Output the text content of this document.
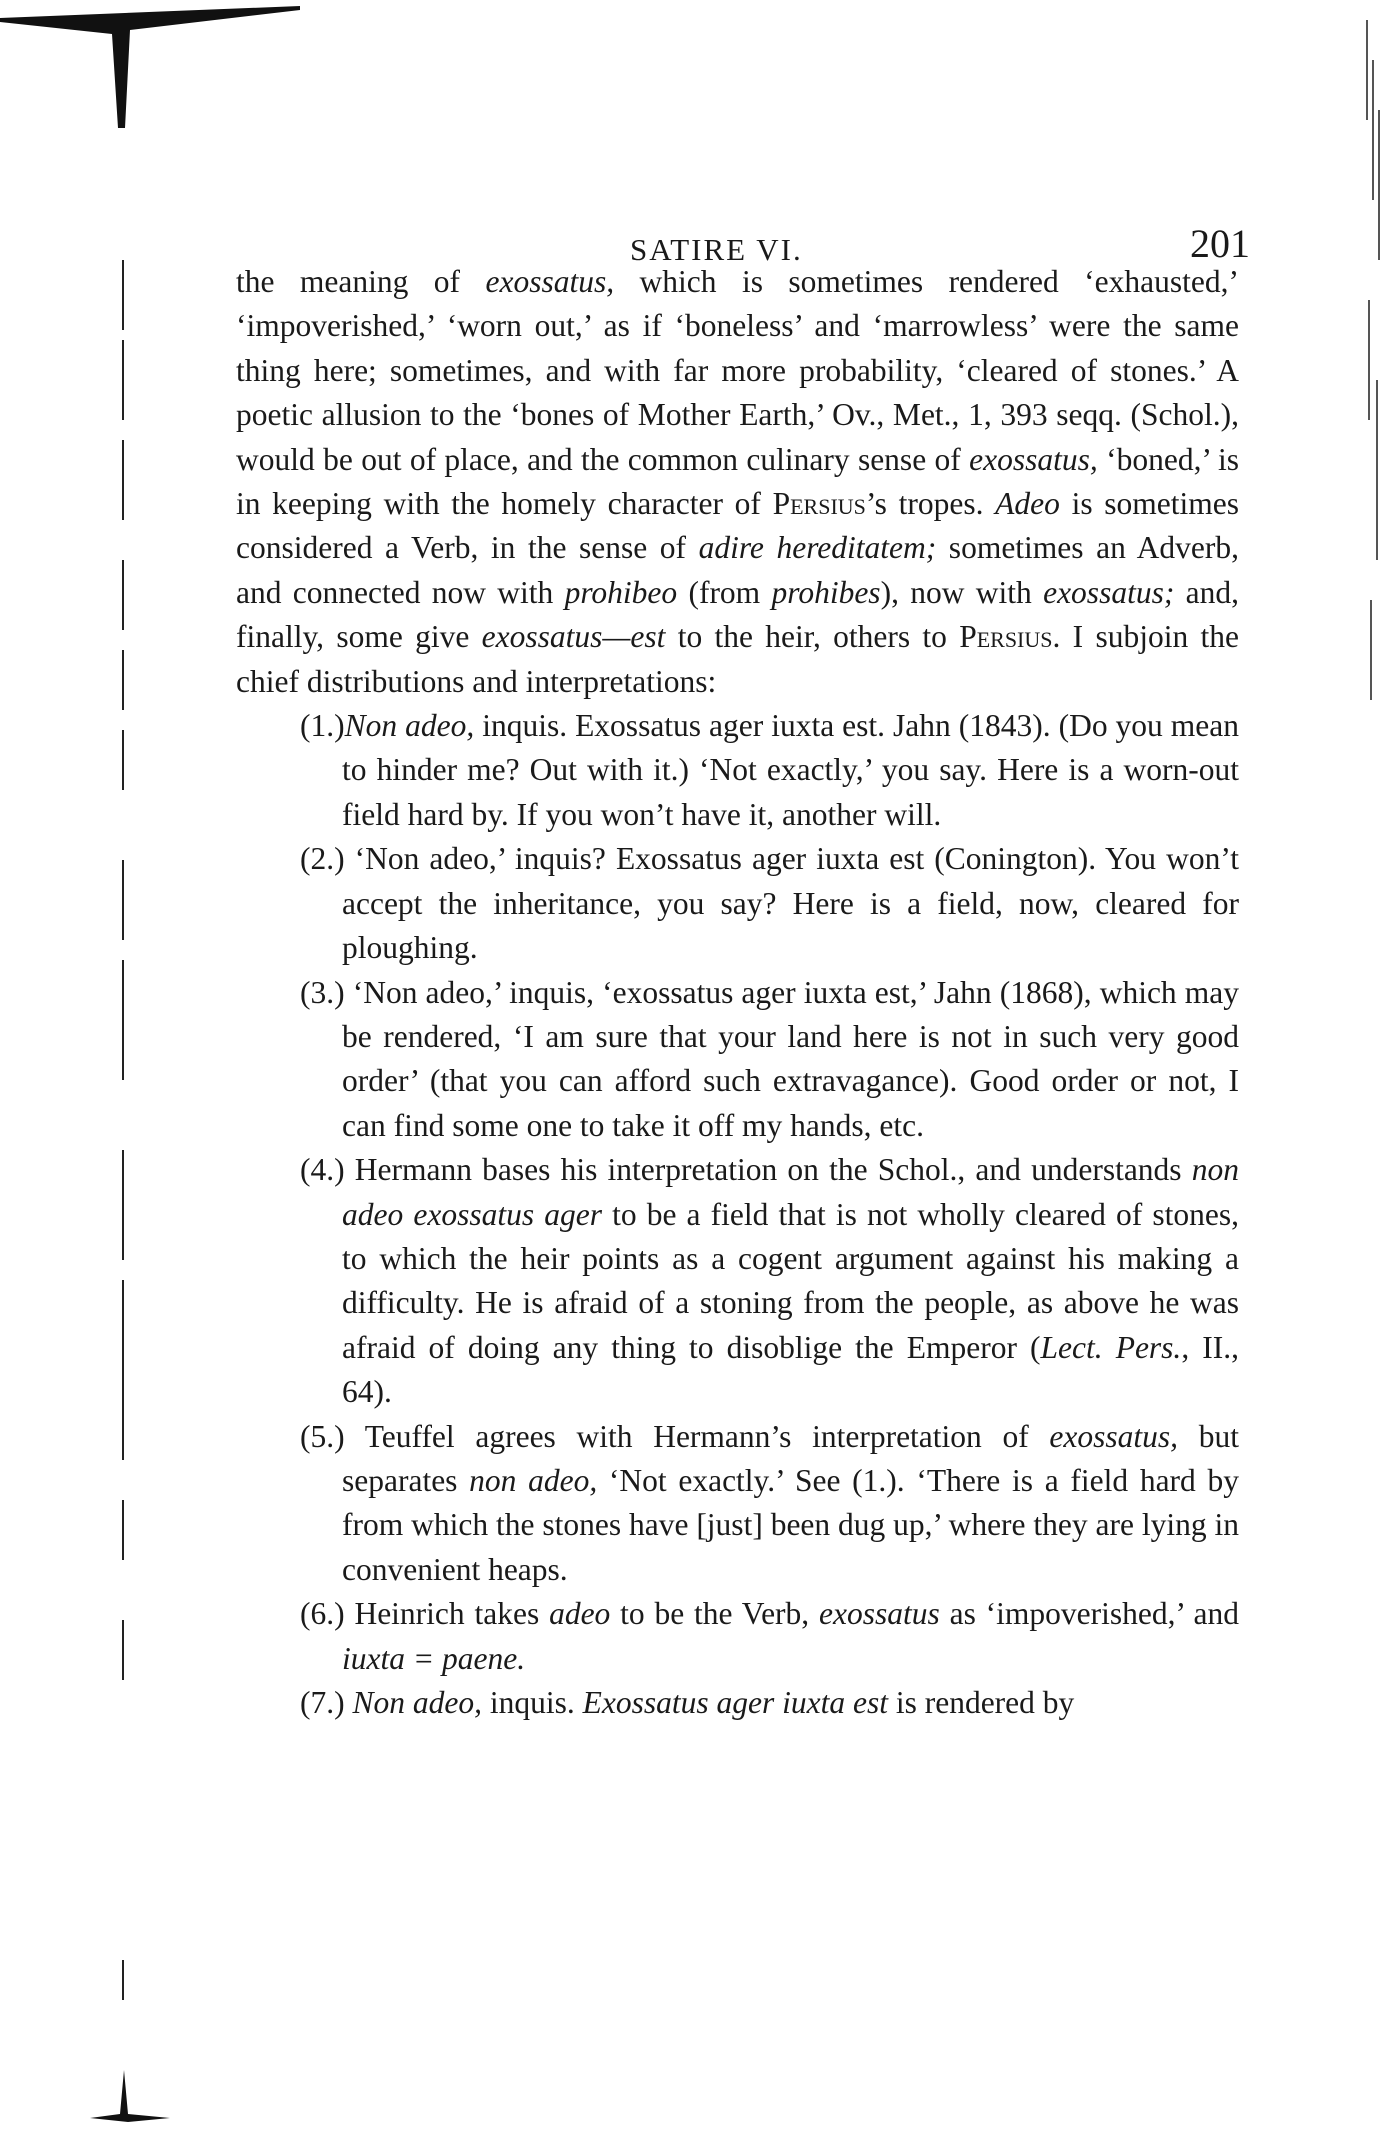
SATIRE VI.	201

the meaning of exossatus, which is sometimes rendered ‘exhausted,’ ‘impoverished,’ ‘worn out,’ as if ‘boneless’ and ‘marrowless’ were the same thing here; sometimes, and with far more probability, ‘cleared of stones.’ A poetic allusion to the ‘bones of Mother Earth,’ Ov., Met., 1, 393 seqq. (Schol.), would be out of place, and the common culinary sense of exossatus, ‘boned,’ is in keeping with the homely character of Persius’s tropes. Adeo is sometimes considered a Verb, in the sense of adire hereditatem; sometimes an Adverb, and connected now with prohibeo (from prohibes), now with exossatus; and, finally, some give exossatus—est to the heir, others to Persius. I subjoin the chief distributions and interpretations:

(1.)Non adeo, inquis. Exossatus ager iuxta est. Jahn (1843). (Do you mean to hinder me? Out with it.) ‘Not exactly,’ you say. Here is a worn-out field hard by. If you won’t have it, another will.
(2.) ‘Non adeo,’ inquis? Exossatus ager iuxta est (Conington). You won’t accept the inheritance, you say? Here is a field, now, cleared for ploughing.
(3.) ‘Non adeo,’ inquis, ‘exossatus ager iuxta est,’ Jahn (1868), which may be rendered, ‘I am sure that your land here is not in such very good order’ (that you can afford such extravagance). Good order or not, I can find some one to take it off my hands, etc.
(4.) Hermann bases his interpretation on the Schol., and understands non adeo exossatus ager to be a field that is not wholly cleared of stones, to which the heir points as a cogent argument against his making a difficulty. He is afraid of a stoning from the people, as above he was afraid of doing any thing to disoblige the Emperor (Lect. Pers., II., 64).
(5.) Teuffel agrees with Hermann’s interpretation of exossatus, but separates non adeo, ‘Not exactly.’ See (1.). ‘There is a field hard by from which the stones have [just] been dug up,’ where they are lying in convenient heaps.
(6.) Heinrich takes adeo to be the Verb, exossatus as ‘impoverished,’ and iuxta = paene.
(7.) Non adeo, inquis. Exossatus ager iuxta est is rendered by
